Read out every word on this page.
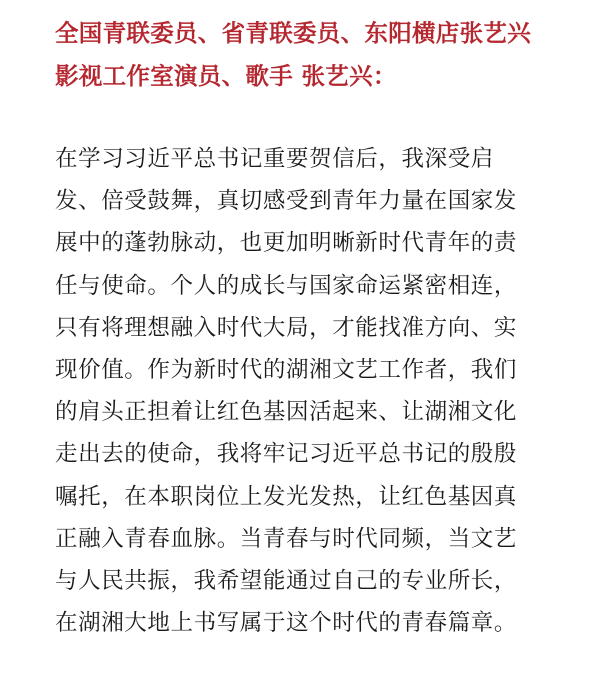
全国青联委员、省青联委员、东阳横店张艺兴
影视工作室演员、歌手 张艺兴：

在学习习近平总书记重要贺信后，我深受启
发、倍受鼓舞，真切感受到青年力量在国家发
展中的蓬勃脉动，也更加明晰新时代青年的责
任与使命。个人的成长与国家命运紧密相连，
只有将理想融入时代大局，才能找准方向、实
现价值。作为新时代的湖湘文艺工作者，我们
的肩头正担着让红色基因活起来、让湖湘文化
走出去的使命，我将牢记习近平总书记的殷殷
嘱托，在本职岗位上发光发热，让红色基因真
正融入青春血脉。当青春与时代同频，当文艺
与人民共振，我希望能通过自己的专业所长，
在湖湘大地上书写属于这个时代的青春篇章。
